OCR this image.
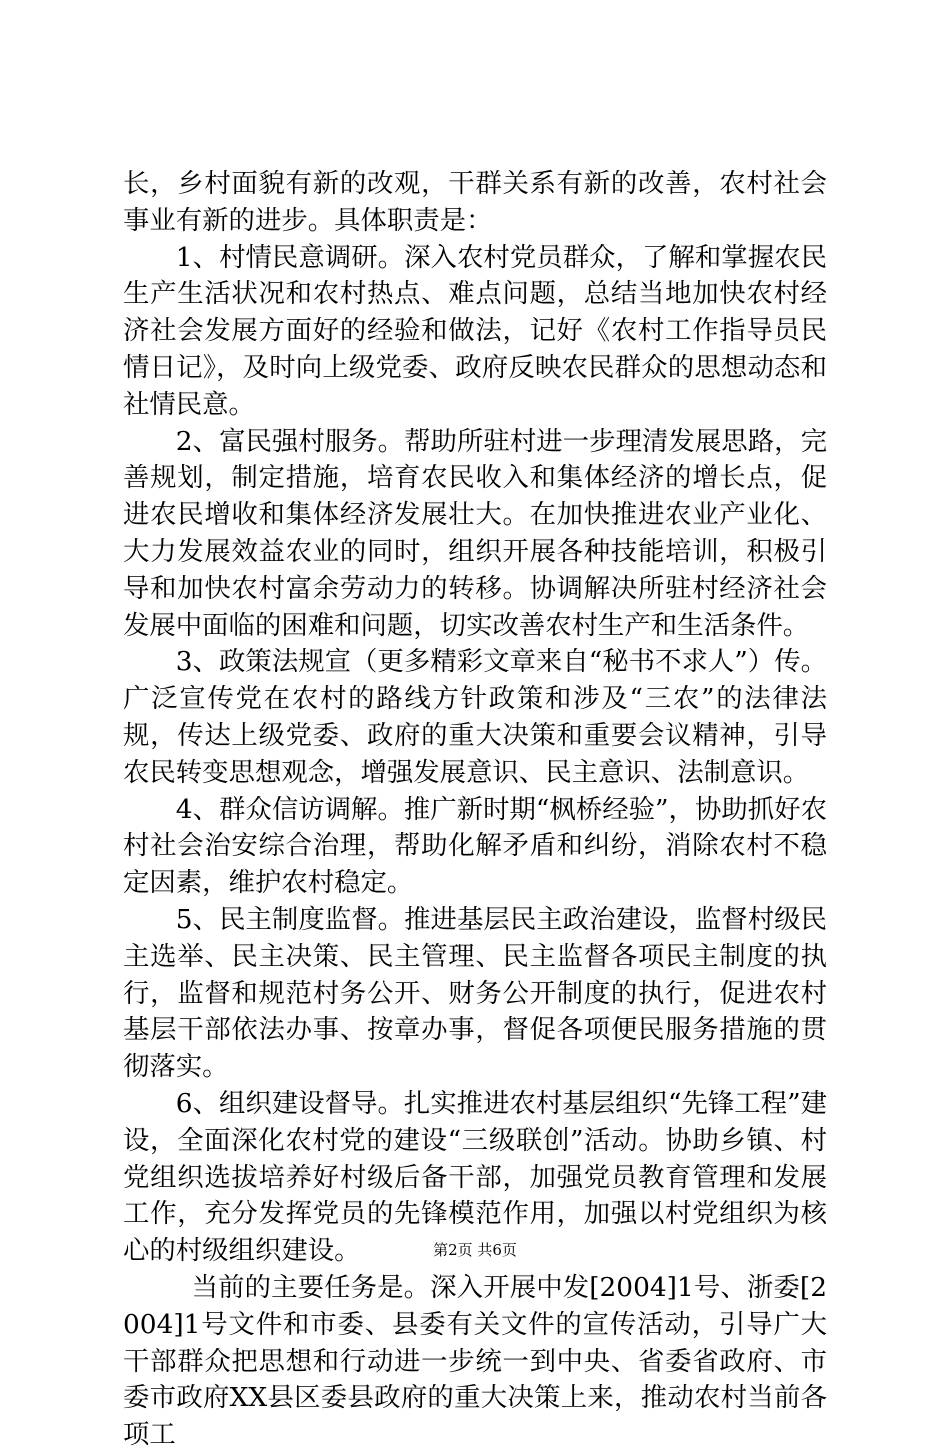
长，乡村面貌有新的改观，干群关系有新的改善，农村社会事业有新的进步。具体职责是：

1、村情民意调研。深入农村党员群众，了解和掌握农民生产生活状况和农村热点、难点问题，总结当地加快农村经济社会发展方面好的经验和做法，记好《农村工作指导员民情日记》，及时向上级党委、政府反映农民群众的思想动态和社情民意。

2、富民强村服务。帮助所驻村进一步理清发展思路，完善规划，制定措施，培育农民收入和集体经济的增长点，促进农民增收和集体经济发展壮大。在加快推进农业产业化、大力发展效益农业的同时，组织开展各种技能培训，积极引导和加快农村富余劳动力的转移。协调解决所驻村经济社会发展中面临的困难和问题，切实改善农村生产和生活条件。

3、政策法规宣（更多精彩文章来自“秘书不求人”）传。广泛宣传党在农村的路线方针政策和涉及“三农”的法律法规，传达上级党委、政府的重大决策和重要会议精神，引导农民转变思想观念，增强发展意识、民主意识、法制意识。

4、群众信访调解。推广新时期“枫桥经验”，协助抓好农村社会治安综合治理，帮助化解矛盾和纠纷，消除农村不稳定因素，维护农村稳定。

5、民主制度监督。推进基层民主政治建设，监督村级民主选举、民主决策、民主管理、民主监督各项民主制度的执行，监督和规范村务公开、财务公开制度的执行，促进农村基层干部依法办事、按章办事，督促各项便民服务措施的贯彻落实。

6、组织建设督导。扎实推进农村基层组织“先锋工程”建设，全面深化农村党的建设“三级联创”活动。协助乡镇、村党组织选拔培养好村级后备干部，加强党员教育管理和发展工作，充分发挥党员的先锋模范作用，加强以村党组织为核心的村级组织建设。

当前的主要任务是。深入开展中发[2004]1号、浙委[2004]1号文件和市委、县委有关文件的宣传活动，引导广大干部群众把思想和行动进一步统一到中央、省委省政府、市委市政府XX县区委县政府的重大决策上来，推动农村当前各项工

第2页 共6页
